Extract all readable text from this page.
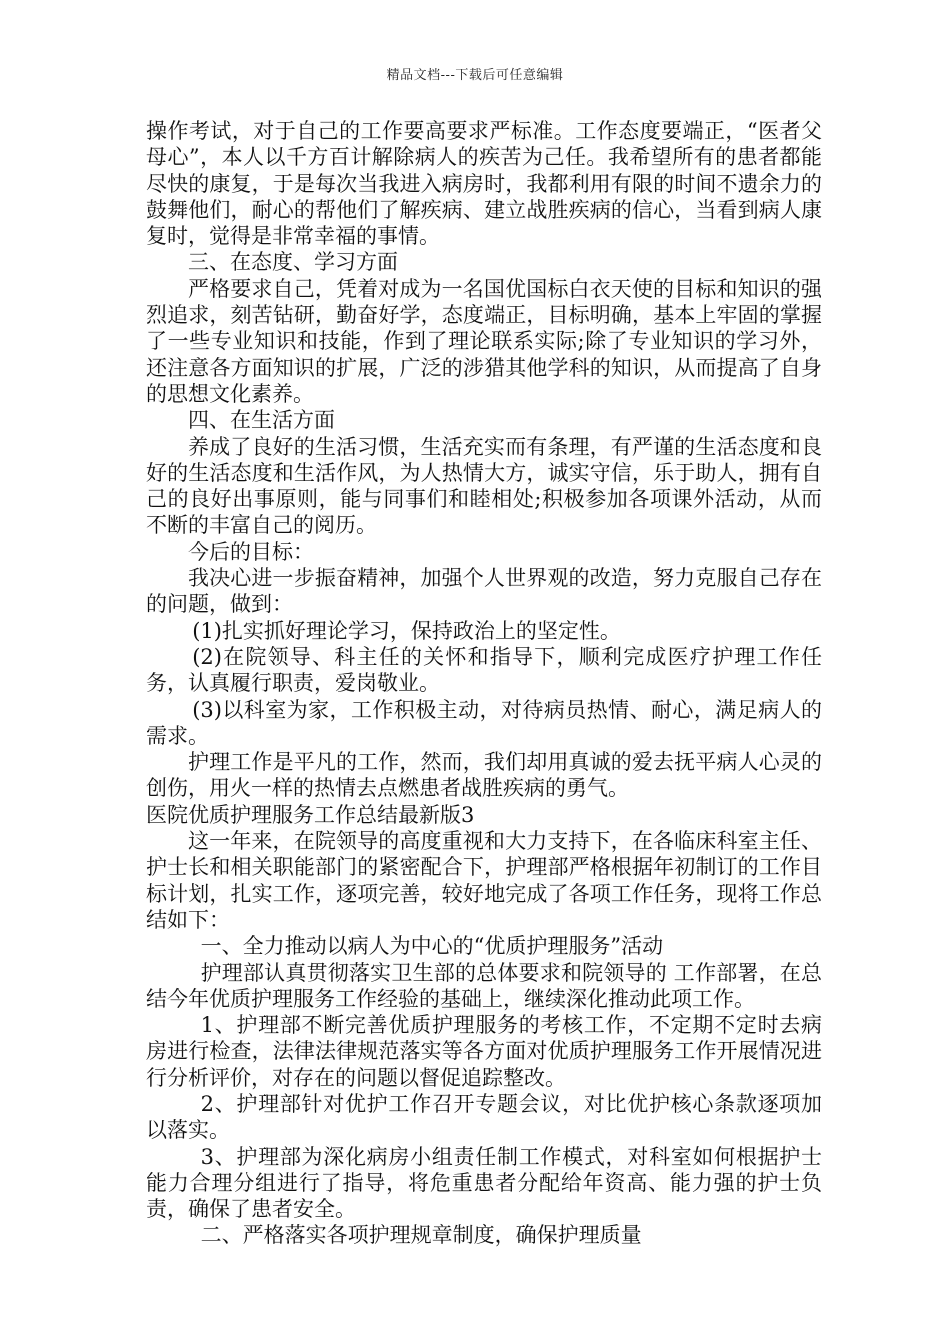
精品文档---下载后可任意编辑

操作考试，对于自己的工作要高要求严标准。工作态度要端正，“医者父母心”，本人以千方百计解除病人的疾苦为己任。我希望所有的患者都能尽快的康复，于是每次当我进入病房时，我都利用有限的时间不遗余力的鼓舞他们，耐心的帮他们了解疾病、建立战胜疾病的信心，当看到病人康复时，觉得是非常幸福的事情。

三、在态度、学习方面

严格要求自己，凭着对成为一名国优国标白衣天使的目标和知识的强烈追求，刻苦钻研，勤奋好学，态度端正，目标明确，基本上牢固的掌握了一些专业知识和技能，作到了理论联系实际;除了专业知识的学习外，还注意各方面知识的扩展，广泛的涉猎其他学科的知识，从而提高了自身的思想文化素养。

四、在生活方面

养成了良好的生活习惯，生活充实而有条理，有严谨的生活态度和良好的生活态度和生活作风，为人热情大方，诚实守信，乐于助人，拥有自己的良好出事原则，能与同事们和睦相处;积极参加各项课外活动，从而不断的丰富自己的阅历。

今后的目标：

我决心进一步振奋精神，加强个人世界观的改造，努力克服自己存在的问题，做到：

(1)扎实抓好理论学习，保持政治上的坚定性。

(2)在院领导、科主任的关怀和指导下，顺利完成医疗护理工作任务，认真履行职责，爱岗敬业。

(3)以科室为家，工作积极主动，对待病员热情、耐心，满足病人的需求。

护理工作是平凡的工作，然而，我们却用真诚的爱去抚平病人心灵的创伤，用火一样的热情去点燃患者战胜疾病的勇气。

医院优质护理服务工作总结最新版3

这一年来，在院领导的高度重视和大力支持下，在各临床科室主任、护士长和相关职能部门的紧密配合下，护理部严格根据年初制订的工作目标计划，扎实工作，逐项完善，较好地完成了各项工作任务，现将工作总结如下：

一、全力推动以病人为中心的“优质护理服务”活动

护理部认真贯彻落实卫生部的总体要求和院领导的 工作部署，在总结今年优质护理服务工作经验的基础上，继续深化推动此项工作。

1、护理部不断完善优质护理服务的考核工作，不定期不定时去病房进行检查，法律法律规范落实等各方面对优质护理服务工作开展情况进行分析评价，对存在的问题以督促追踪整改。

2、护理部针对优护工作召开专题会议，对比优护核心条款逐项加以落实。

3、护理部为深化病房小组责任制工作模式，对科室如何根据护士能力合理分组进行了指导，将危重患者分配给年资高、能力强的护士负责，确保了患者安全。

二、严格落实各项护理规章制度，确保护理质量
